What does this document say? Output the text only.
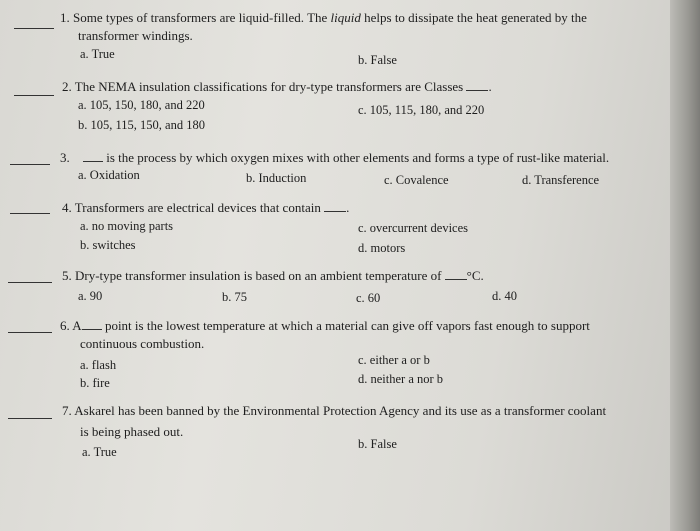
1. Some types of transformers are liquid-filled. The liquid helps to dissipate the heat generated by the
transformer windings.
a. True	b. False
2. The NEMA insulation classifications for dry-type transformers are Classes .
a. 105, 150, 180, and 220	c. 105, 115, 180, and 220
b. 105, 115, 150, and 180
3.	is the process by which oxygen mixes with other elements and forms a type of rust-like material.
a. Oxidation	b. Induction	c. Covalence	d. Transference
4. Transformers are electrical devices that contain .
a. no moving parts	c. overcurrent devices
b. switches	d. motors
5. Dry-type transformer insulation is based on an ambient temperature of °C.
a. 90	b. 75	c. 60	d. 40
6. A point is the lowest temperature at which a material can give off vapors fast enough to support
continuous combustion.
a. flash	c. either a or b
b. fire	d. neither a nor b
7. Askarel has been banned by the Environmental Protection Agency and its use as a transformer coolant
is being phased out.
a. True
b. False
